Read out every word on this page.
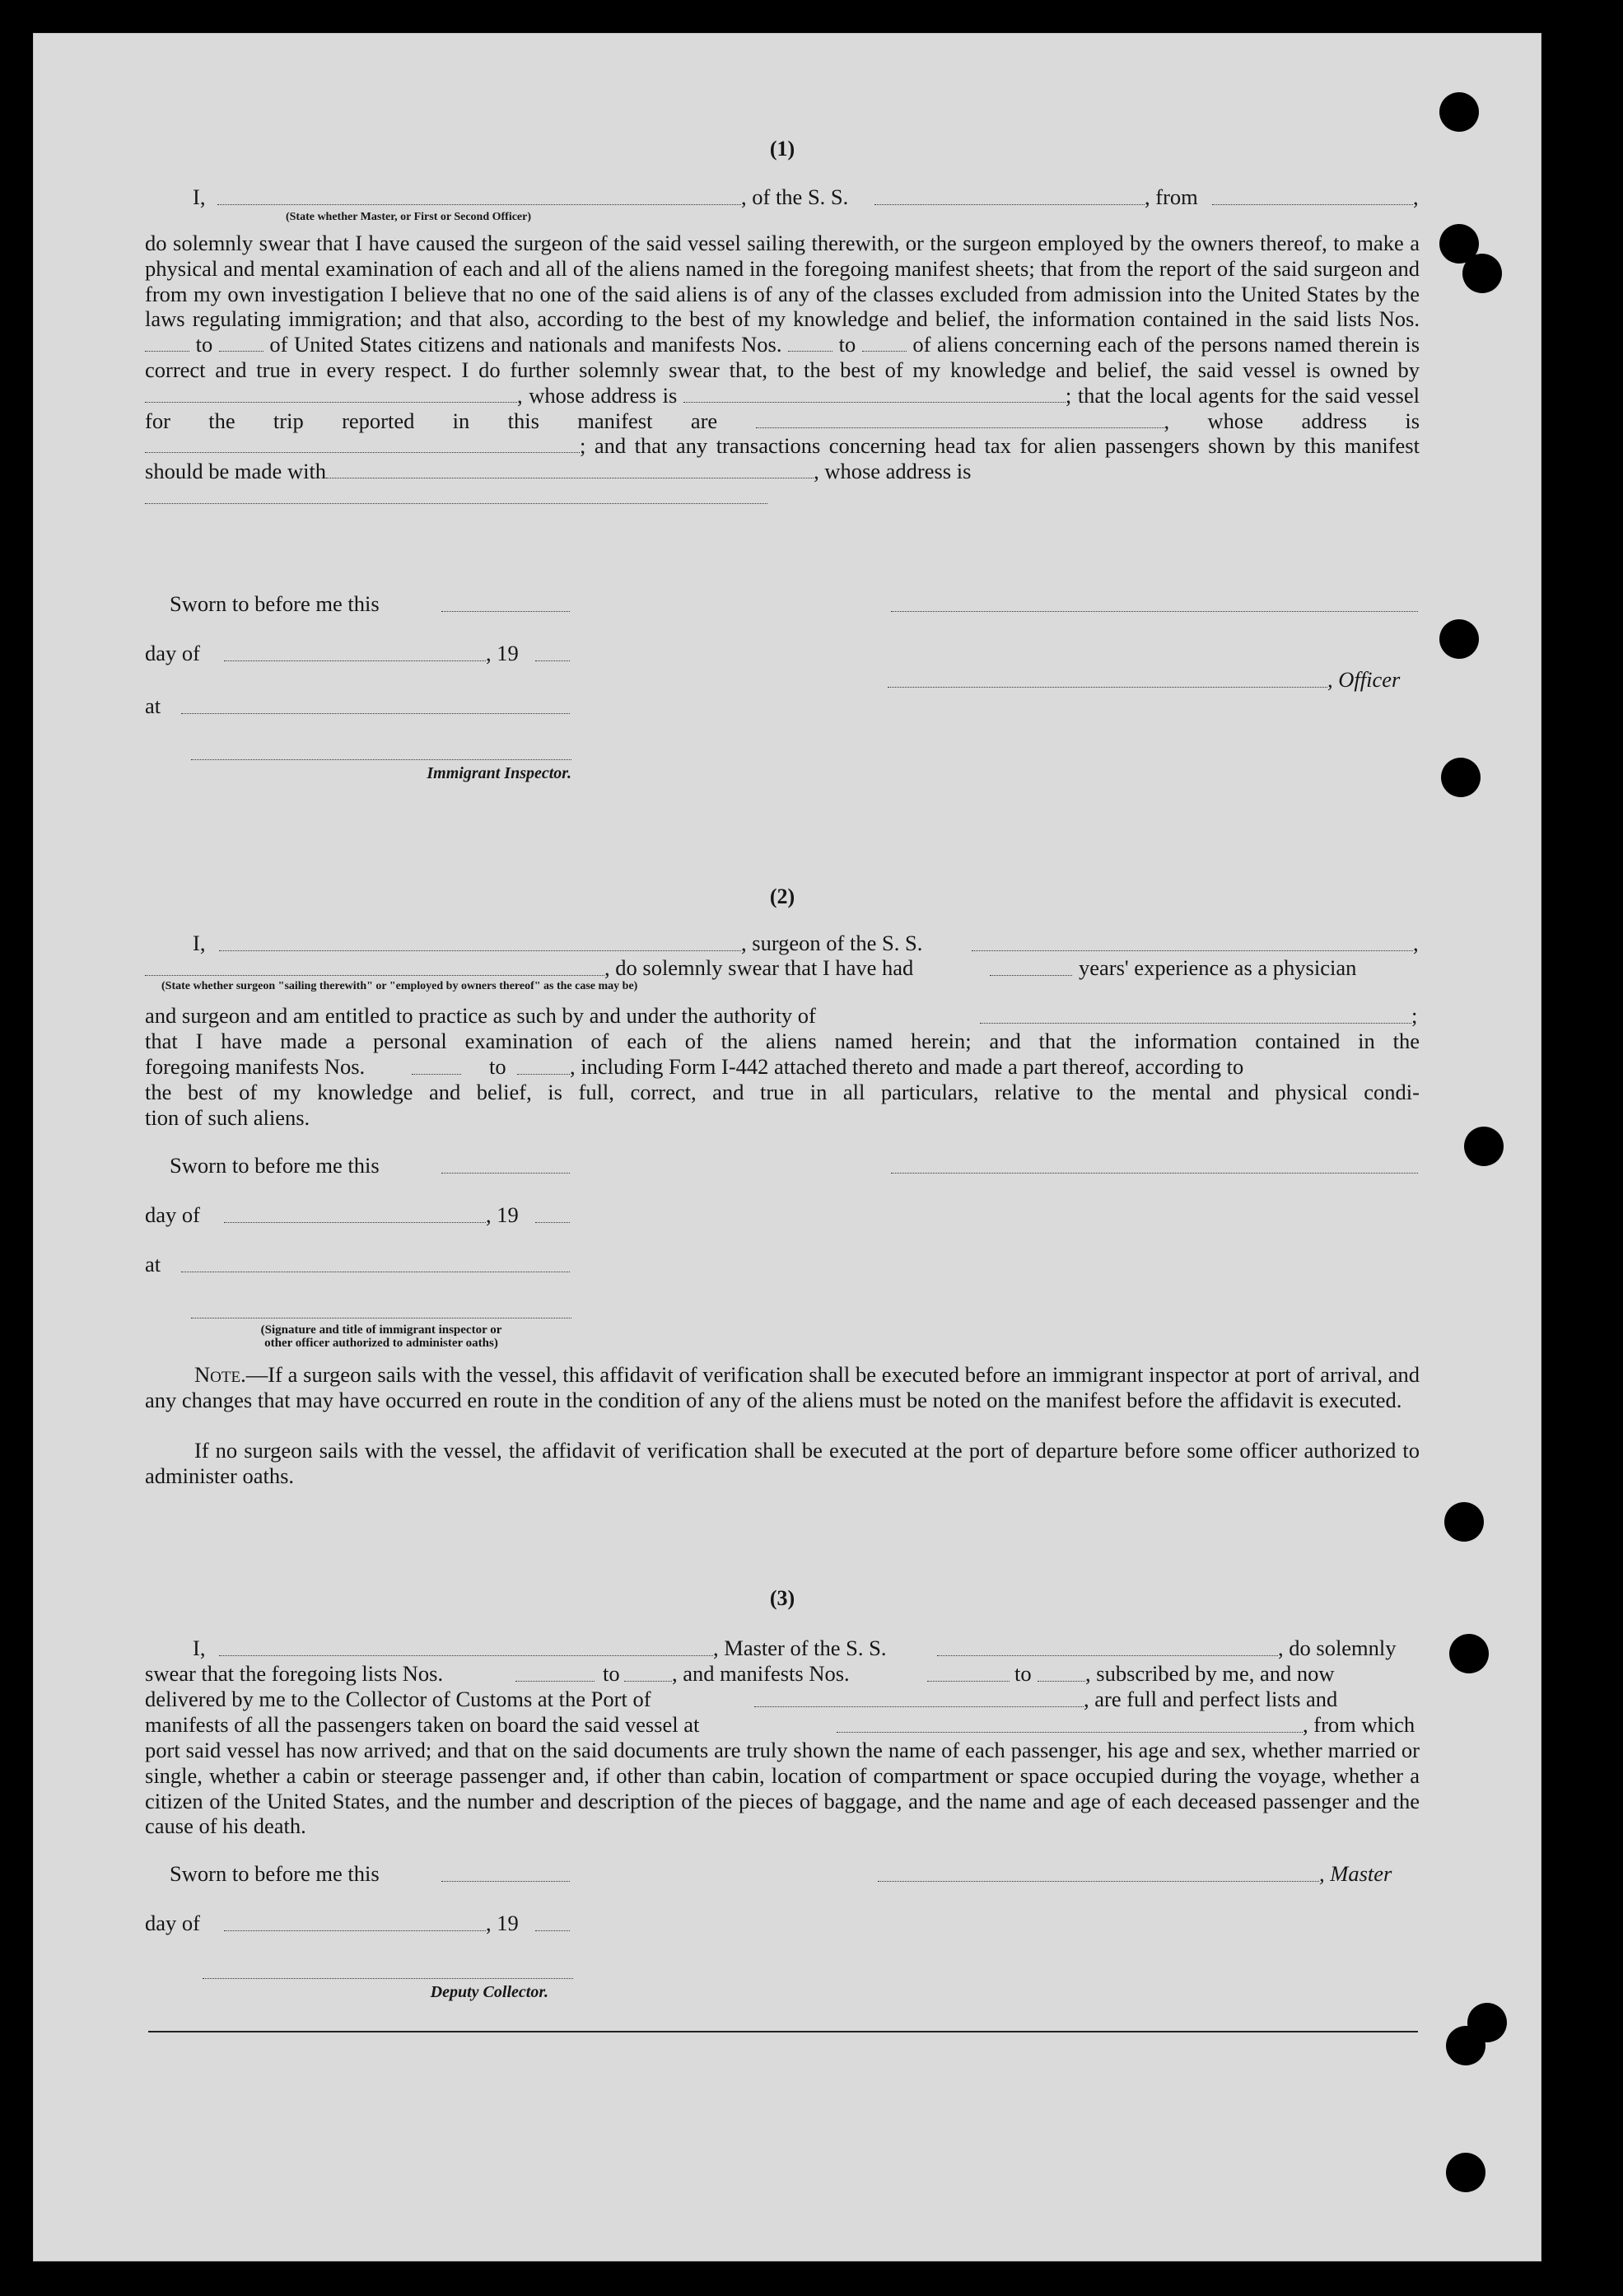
(1)
I,	, of the S. S.	, from	,
(State whether Master, or First or Second Officer)
do solemnly swear that I have caused the surgeon of the said vessel sailing therewith, or the surgeon employed by the owners thereof, to make a physical and mental examination of each and all of the aliens named in the foregoing manifest sheets; that from the report of the said surgeon and from my own investigation I believe that no one of the said aliens is of any of the classes excluded from admission into the United States by the laws regulating immigration; and that also, according to the best of my knowledge and belief, the information contained in the said lists Nos.  to	of United States citizens and nationals and manifests Nos.	to	of aliens concerning each of the persons named therein is correct and true in every respect. I do further solemnly swear that, to the best of my knowledge and belief, the said vessel is owned by , whose address is	; that the local agents for the said vessel for the trip reported in this manifest are	, whose address is ; and that any transactions concerning head tax for alien passengers shown by this manifest should be made with	, whose address is

Sworn to before me this
day of	, 19
, Officer
at
Immigrant Inspector.
(2)
I,	, surgeon of the S. S.	,
, do solemnly swear that I have had	years' experience as a physician
(State whether surgeon "sailing therewith" or "employed by owners thereof" as the case may be)
and surgeon and am entitled to practice as such by and under the authority of	;
that I have made a personal examination of each of the aliens named herein; and that the information contained in the
foregoing manifests Nos.	to	, including Form I-442 attached thereto and made a part thereof, according to
the best of my knowledge and belief, is full, correct, and true in all particulars, relative to the mental and physical condi-
tion of such aliens.
Sworn to before me this
day of	, 19
at
(Signature and title of immigrant inspector or
other officer authorized to administer oaths)
Note.—If a surgeon sails with the vessel, this affidavit of verification shall be executed before an immigrant inspector at port of arrival, and any changes that may have occurred en route in the condition of any of the aliens must be noted on the manifest before the affidavit is executed.
If no surgeon sails with the vessel, the affidavit of verification shall be executed at the port of departure before some officer authorized to administer oaths.
(3)
I,	, Master of the S. S.	, do solemnly
swear that the foregoing lists Nos.	to , and manifests Nos.	to , subscribed by me, and now
delivered by me to the Collector of Customs at the Port of	, are full and perfect lists and
manifests of all the passengers taken on board the said vessel at	, from which
port said vessel has now arrived; and that on the said documents are truly shown the name of each passenger, his age and sex, whether married or single, whether a cabin or steerage passenger and, if other than cabin, location of compartment or space occupied during the voyage, whether a citizen of the United States, and the number and description of the pieces of baggage, and the name and age of each deceased passenger and the cause of his death.
Sworn to before me this	, Master
day of	, 19
Deputy Collector.
